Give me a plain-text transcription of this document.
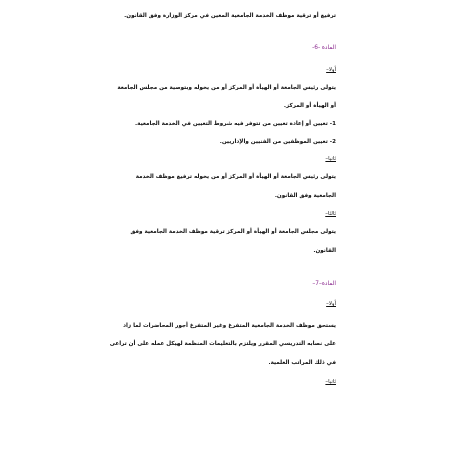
ترفيع أو ترقية موظف الخدمة الجامعية المعين في مركز الوزارة وفق القانون.
المادة -6-
أولا–
يتولى رئيس الجامعة أو الهيأة أو المركز أو من يخوله وبتوصية من مجلس الجامعة
أو الهيأة أو المركز.
1- تعيين أو إعادة تعيين من تتوفر فيه شروط التعيين في الخدمة الجامعية.
2- تعيين الموظفين من الفنيين والإداريين.
ثانيا–
يتولى رئيس الجامعة أو الهيأة أو المركز أو من يخوله ترفيع موظف الخدمة
الجامعية وفق القانون.
ثالثا–
يتولى مجلس الجامعة أو الهيأة أو المركز ترقية موظف الخدمة الجامعية وفق
القانون.
المادة–7–
أولا–
يستحق موظف الخدمة الجامعية المتفرغ وغير المتفرغ أجور المحاضرات لما زاد
على نصابه التدريسي المقرر ويلتزم بالتعليمات المنظمة لهيكل عمله على أن تراعى
في ذلك المراتب العلمية.
ثانيا–
